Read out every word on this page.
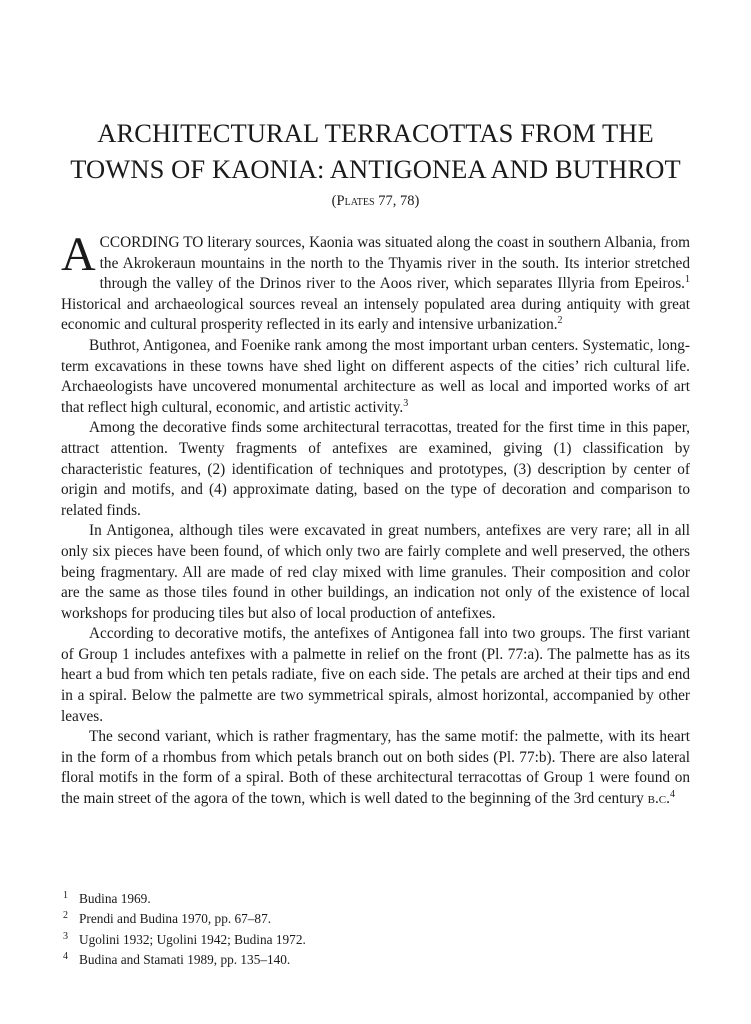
ARCHITECTURAL TERRACOTTAS FROM THE
TOWNS OF KAONIA: ANTIGONEA AND BUTHROT
(Plates 77, 78)

ACCORDING TO literary sources, Kaonia was situated along the coast in southern Albania, from the Akrokeraun mountains in the north to the Thyamis river in the south. Its interior stretched through the valley of the Drinos river to the Aoos river, which separates Illyria from Epeiros.$^1$ Historical and archaeological sources reveal an intensely populated area during antiquity with great economic and cultural prosperity reflected in its early and intensive urbanization.$^2$

Buthrot, Antigonea, and Foenike rank among the most important urban centers. Systematic, long-term excavations in these towns have shed light on different aspects of the cities’ rich cultural life. Archaeologists have uncovered monumental architecture as well as local and imported works of art that reflect high cultural, economic, and artistic activity.$^3$

Among the decorative finds some architectural terracottas, treated for the first time in this paper, attract attention. Twenty fragments of antefixes are examined, giving (1) classification by characteristic features, (2) identification of techniques and prototypes, (3) description by center of origin and motifs, and (4) approximate dating, based on the type of decoration and comparison to related finds.

In Antigonea, although tiles were excavated in great numbers, antefixes are very rare; all in all only six pieces have been found, of which only two are fairly complete and well preserved, the others being fragmentary. All are made of red clay mixed with lime granules. Their composition and color are the same as those tiles found in other buildings, an indication not only of the existence of local workshops for producing tiles but also of local production of antefixes.

According to decorative motifs, the antefixes of Antigonea fall into two groups. The first variant of Group 1 includes antefixes with a palmette in relief on the front (Pl. 77:a). The palmette has as its heart a bud from which ten petals radiate, five on each side. The petals are arched at their tips and end in a spiral. Below the palmette are two symmetrical spirals, almost horizontal, accompanied by other leaves.

The second variant, which is rather fragmentary, has the same motif: the palmette, with its heart in the form of a rhombus from which petals branch out on both sides (Pl. 77:b). There are also lateral floral motifs in the form of a spiral. Both of these architectural terracottas of Group 1 were found on the main street of the agora of the town, which is well dated to the beginning of the 3rd century b.c.$^4$

1 Budina 1969.
2 Prendi and Budina 1970, pp. 67–87.
3 Ugolini 1932; Ugolini 1942; Budina 1972.
4 Budina and Stamati 1989, pp. 135–140.
